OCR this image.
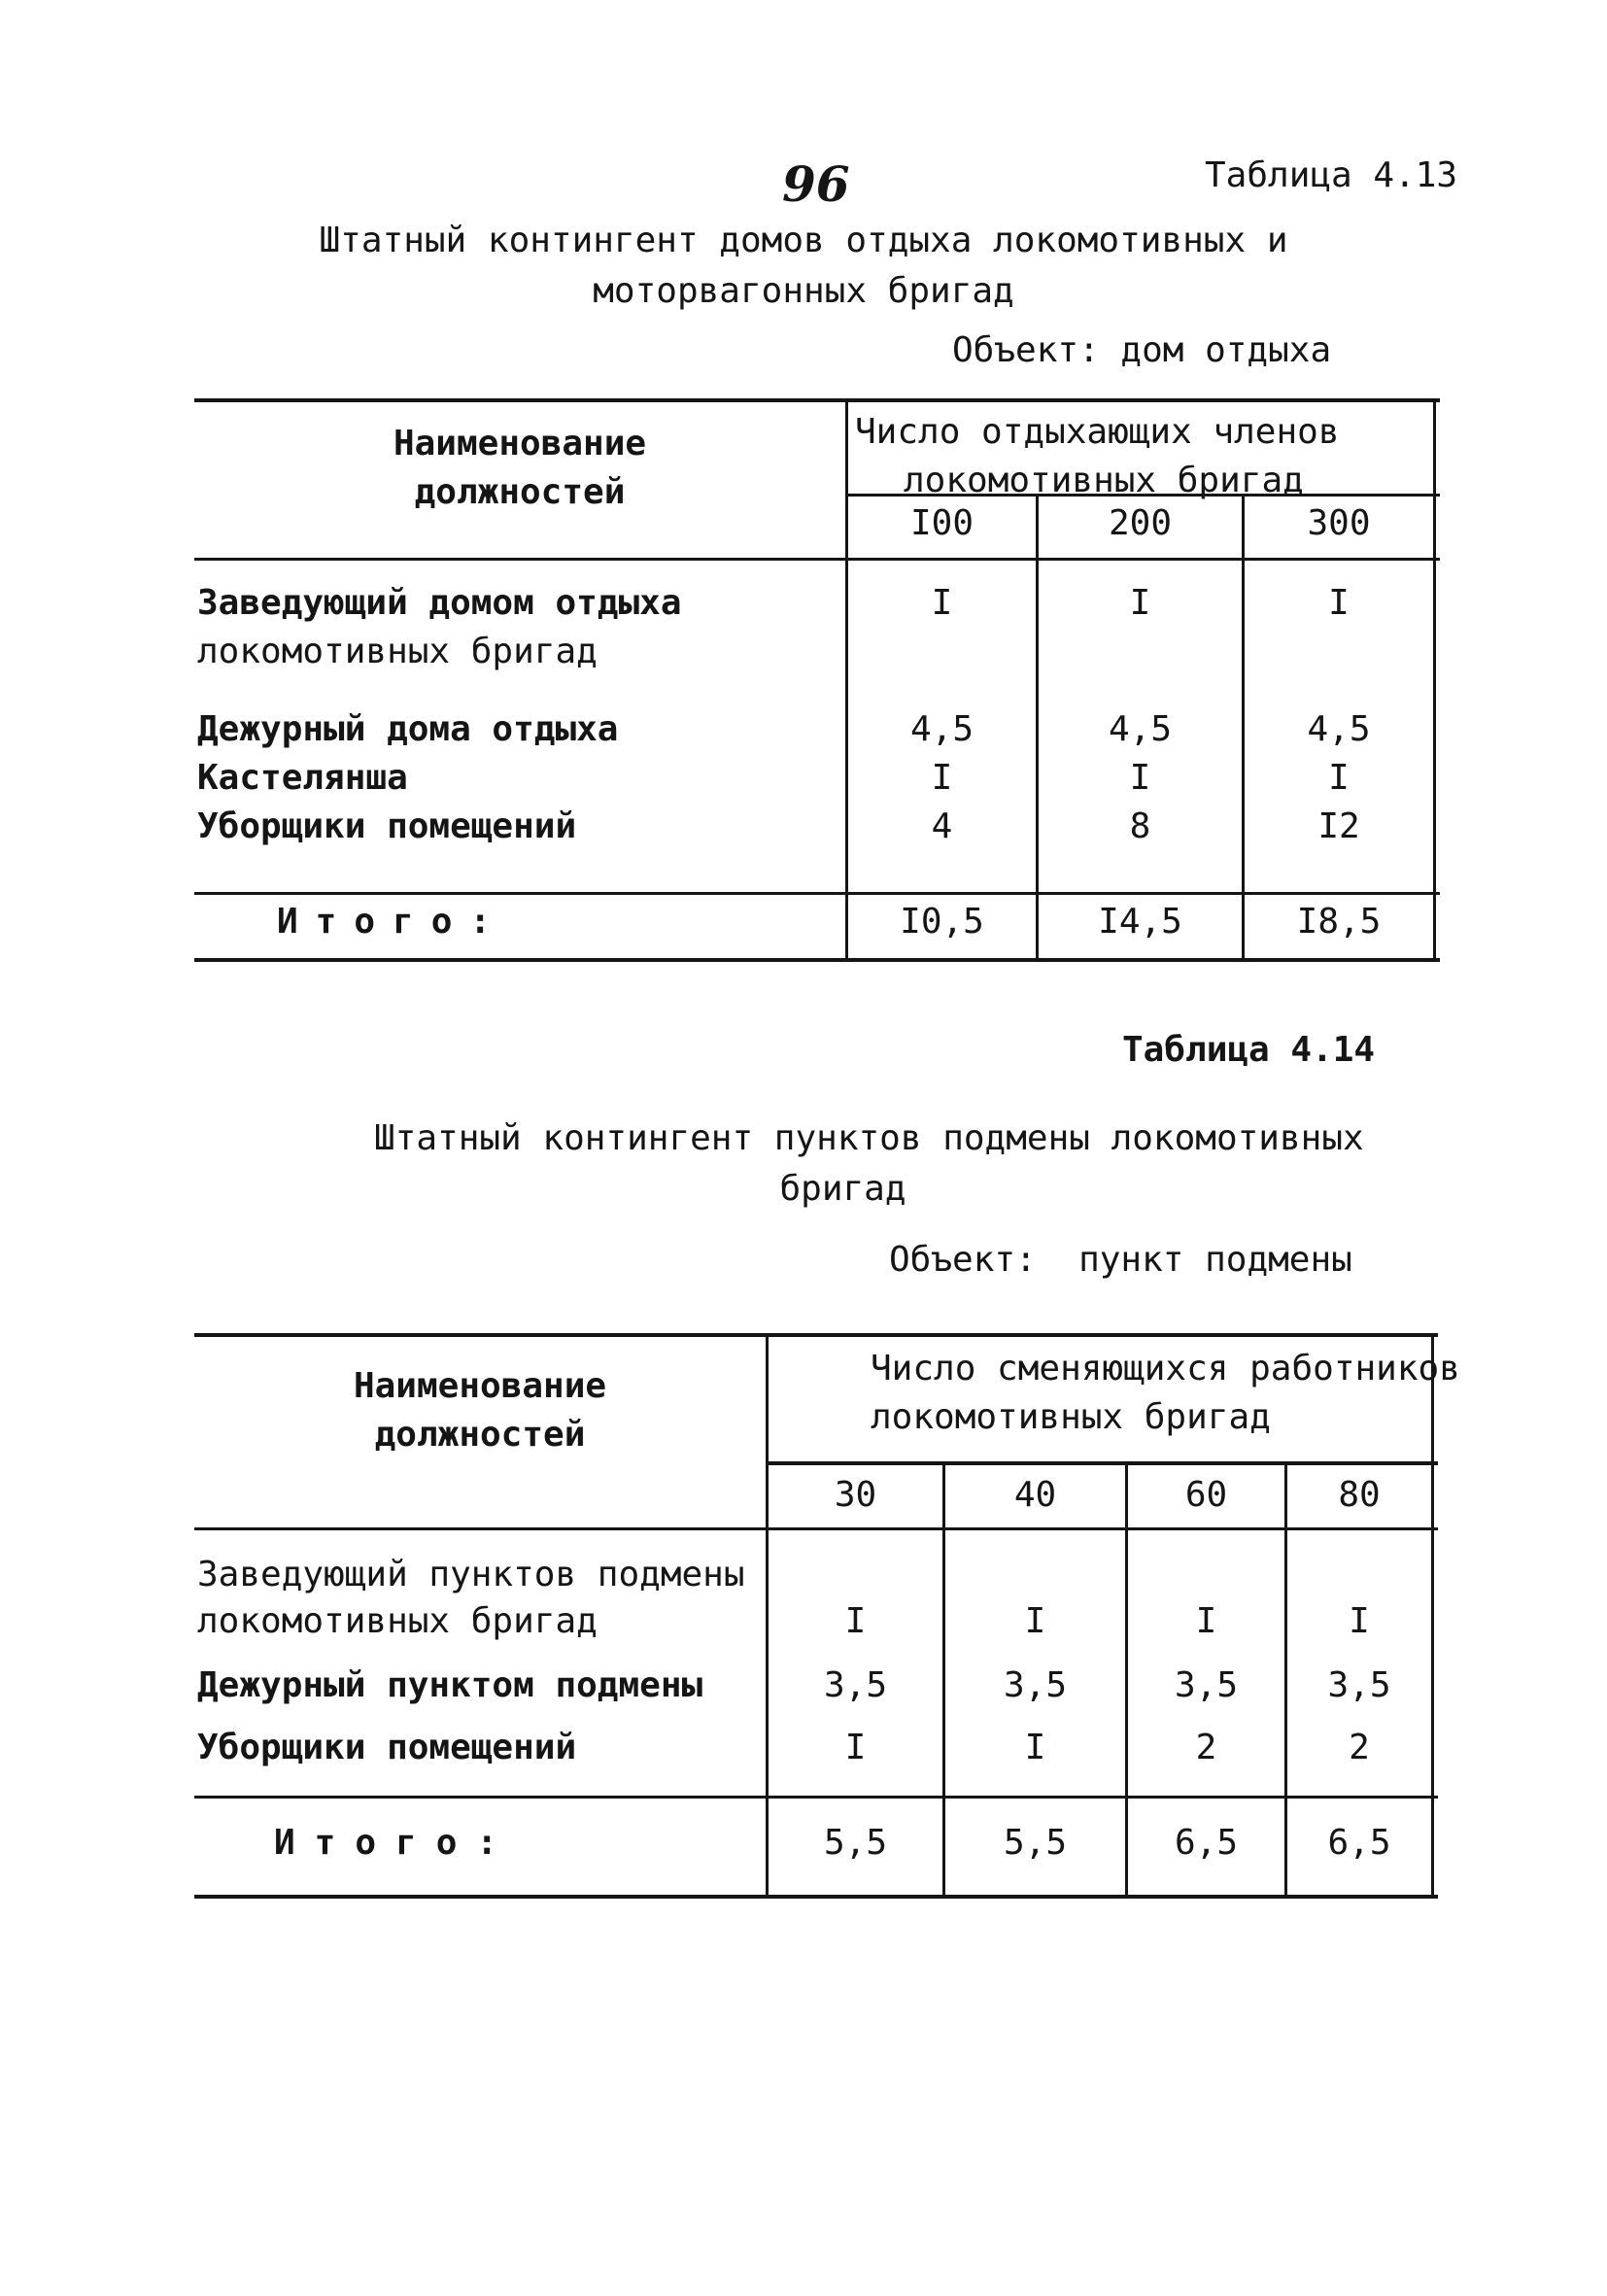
96	Таблица 4.13
Штатный контингент домов отдыха локомотивных и
моторвагонных бригад
Объект: дом отдыха
Наименование
должностей
Число отдыхающих членов
локомотивных бригад
I00	200	300
Заведующий домом отдыха
локомотивных бригад
I	I	I
Дежурный дома отдыха	4,5	4,5	4,5
Кастелянша	I	I	I
Уборщики помещений	4	8	I2
Итого:	I0,5	I4,5	I8,5
Таблица 4.14
Штатный контингент пунктов подмены локомотивных
бригад
Объект:  пункт подмены
Наименование
должностей
Число сменяющихся работников
локомотивных бригад
30	40	60	80
Заведующий пунктов подмены
локомотивных бригад	I	I	I	I
Дежурный пунктом подмены	3,5	3,5	3,5	3,5
Уборщики помещений	I	I	2	2
Итого:	5,5	5,5	6,5	6,5
